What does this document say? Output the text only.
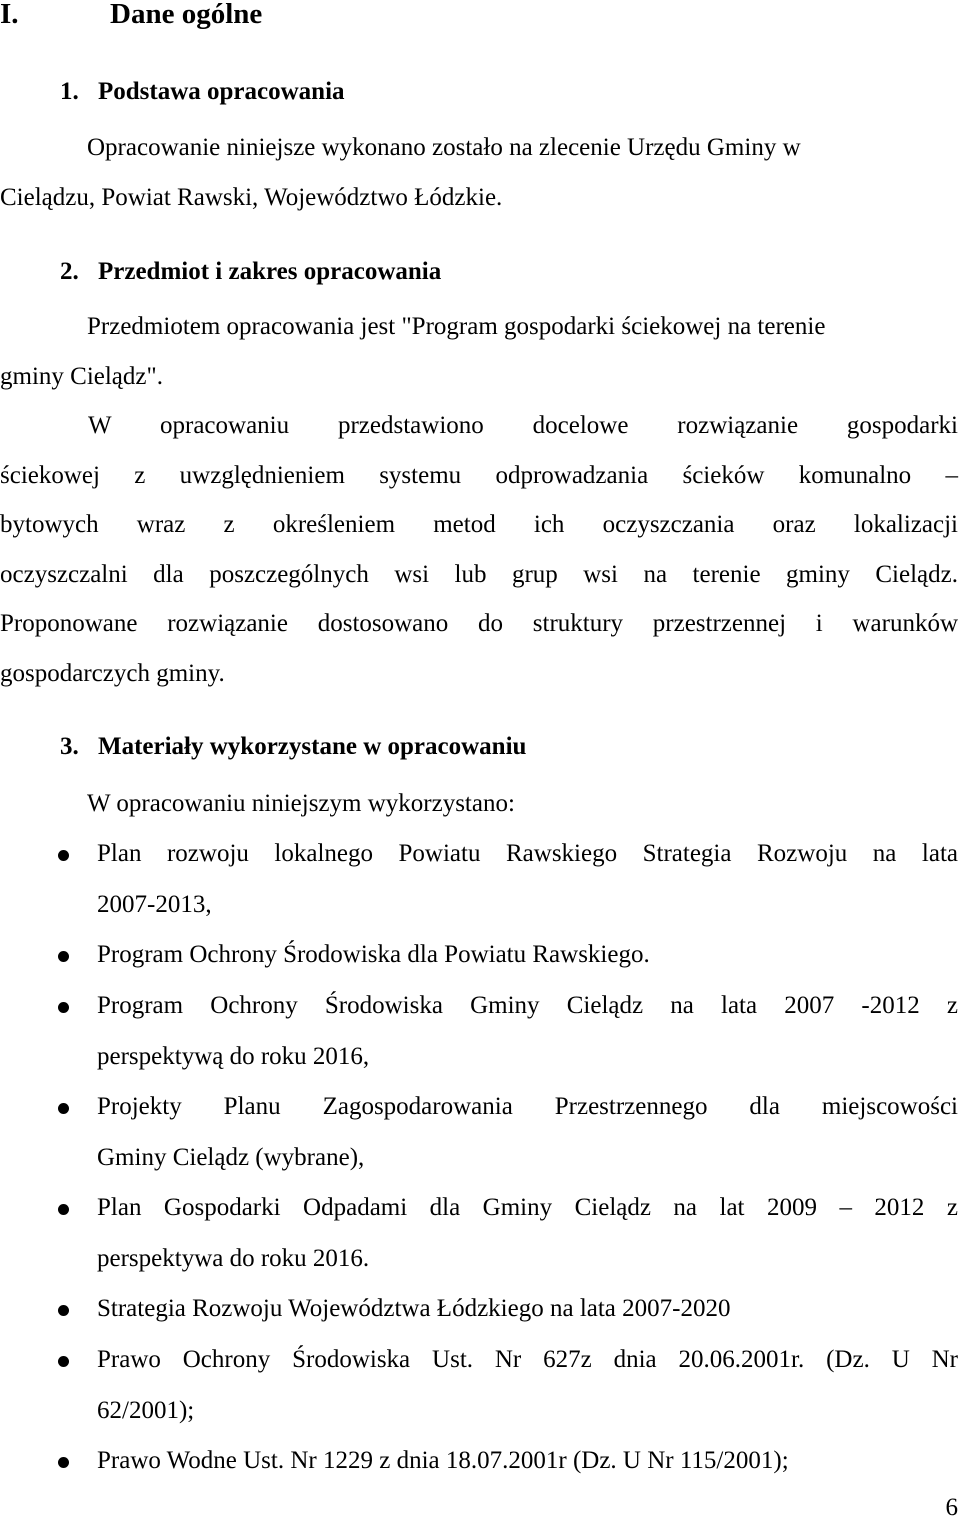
I.	Dane ogólne
1. Podstawa opracowania

Opracowanie niniejsze wykonano zostało na zlecenie Urzędu Gminy w

Cielądzu, Powiat Rawski, Województwo Łódzkie.

2. Przedmiot i zakres opracowania

Przedmiotem opracowania jest "Program gospodarki ściekowej na terenie

gminy Cielądz".

W opracowaniu przedstawiono docelowe rozwiązanie gospodarki

ściekowej z uwzględnieniem systemu odprowadzania ścieków komunalno –

bytowych wraz z określeniem metod ich oczyszczania oraz lokalizacji

oczyszczalni dla poszczególnych wsi lub grup wsi na terenie gminy Cielądz.

Proponowane rozwiązanie dostosowano do struktury przestrzennej i warunków

gospodarczych gminy.

3. Materiały wykorzystane w opracowaniu

W opracowaniu niniejszym wykorzystano:

Plan rozwoju lokalnego Powiatu Rawskiego Strategia Rozwoju na lata
2007-2013,
Program Ochrony Środowiska dla Powiatu Rawskiego.
Program Ochrony Środowiska Gminy Cielądz na lata 2007 -2012 z
perspektywą do roku 2016,
Projekty Planu Zagospodarowania Przestrzennego dla miejscowości
Gminy Cielądz (wybrane),
Plan Gospodarki Odpadami dla Gminy Cielądz na lat 2009 – 2012 z
perspektywa do roku 2016.
Strategia Rozwoju Województwa Łódzkiego na lata 2007-2020
Prawo Ochrony Środowiska Ust. Nr 627z dnia 20.06.2001r. (Dz. U Nr
62/2001);
Prawo Wodne Ust. Nr 1229 z dnia 18.07.2001r (Dz. U Nr 115/2001);
6
